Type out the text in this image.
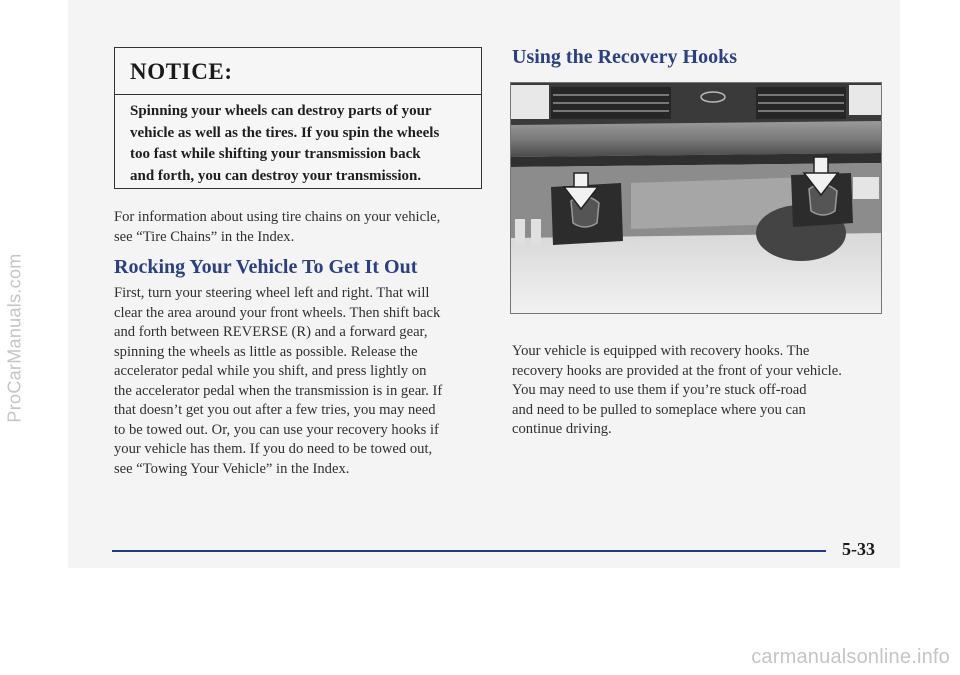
ProCarManuals.com
NOTICE:
Spinning your wheels can destroy parts of your
vehicle as well as the tires. If you spin the wheels
too fast while shifting your transmission back
and forth, you can destroy your transmission.
For information about using tire chains on your vehicle,
see “Tire Chains” in the Index.
Rocking Your Vehicle To Get It Out
First, turn your steering wheel left and right. That will
clear the area around your front wheels. Then shift back
and forth between REVERSE (R) and a forward gear,
spinning the wheels as little as possible. Release the
accelerator pedal while you shift, and press lightly on
the accelerator pedal when the transmission is in gear. If
that doesn’t get you out after a few tries, you may need
to be towed out. Or, you can use your recovery hooks if
your vehicle has them. If you do need to be towed out,
see “Towing Your Vehicle” in the Index.
Using the Recovery Hooks
Your vehicle is equipped with recovery hooks. The
recovery hooks are provided at the front of your vehicle.
You may need to use them if you’re stuck off-road
and need to be pulled to someplace where you can
continue driving.
5-33
carmanualsonline.info
